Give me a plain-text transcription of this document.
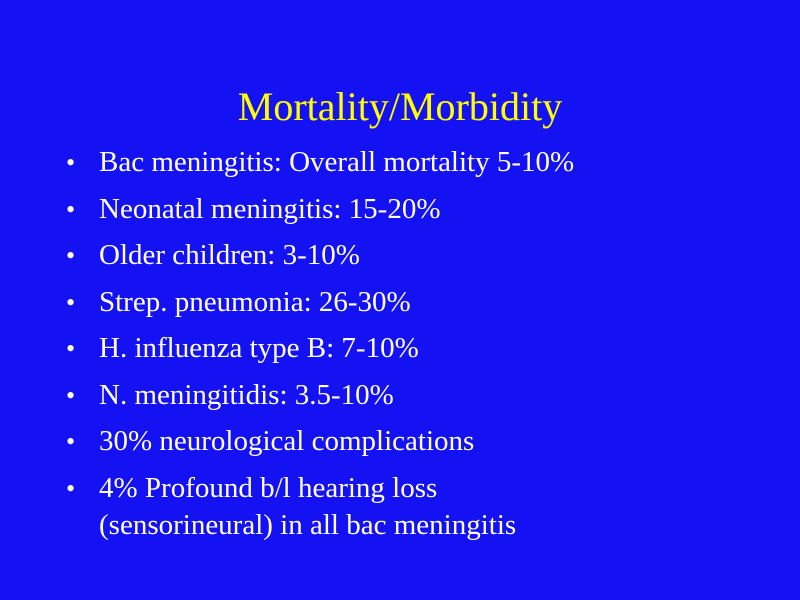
Mortality/Morbidity
• Bac meningitis: Overall mortality 5-10%
• Neonatal meningitis: 15-20%
• Older children: 3-10%
• Strep. pneumonia: 26-30%
• H. influenza type B: 7-10%
• N. meningitidis: 3.5-10%
• 30% neurological complications
• 4% Profound b/l hearing loss
(sensorineural) in all bac meningitis
